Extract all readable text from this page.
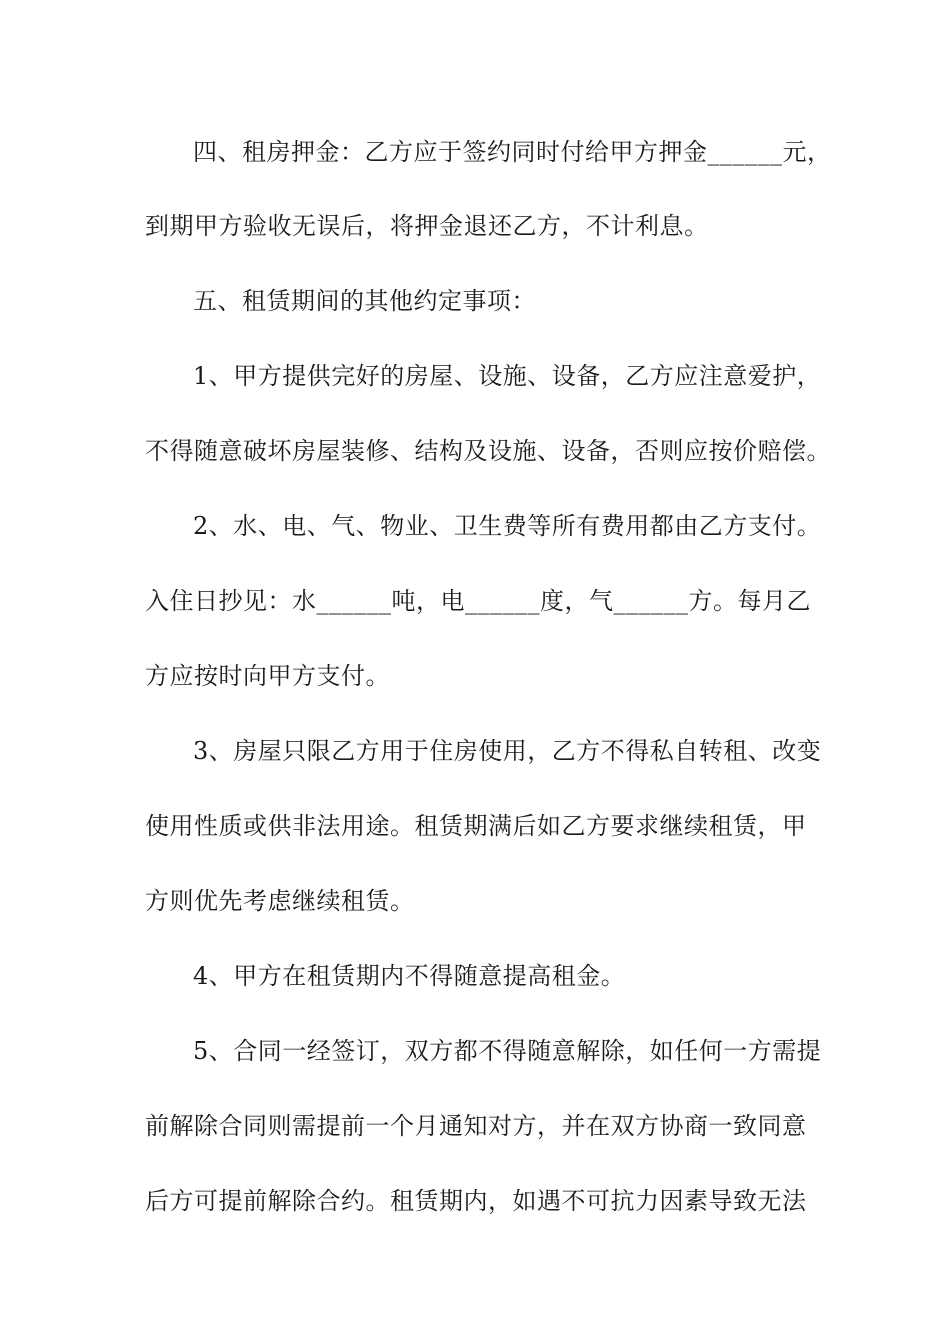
四、租房押金：乙方应于签约同时付给甲方押金______元，
到期甲方验收无误后，将押金退还乙方，不计利息。
五、租赁期间的其他约定事项：
1、甲方提供完好的房屋、设施、设备，乙方应注意爱护，
不得随意破坏房屋装修、结构及设施、设备，否则应按价赔偿。
2、水、电、气、物业、卫生费等所有费用都由乙方支付。
入住日抄见：水______吨，电______度，气______方。每月乙
方应按时向甲方支付。
3、房屋只限乙方用于住房使用，乙方不得私自转租、改变
使用性质或供非法用途。租赁期满后如乙方要求继续租赁，甲
方则优先考虑继续租赁。
4、甲方在租赁期内不得随意提高租金。
5、合同一经签订，双方都不得随意解除，如任何一方需提
前解除合同则需提前一个月通知对方，并在双方协商一致同意
后方可提前解除合约。租赁期内，如遇不可抗力因素导致无法
